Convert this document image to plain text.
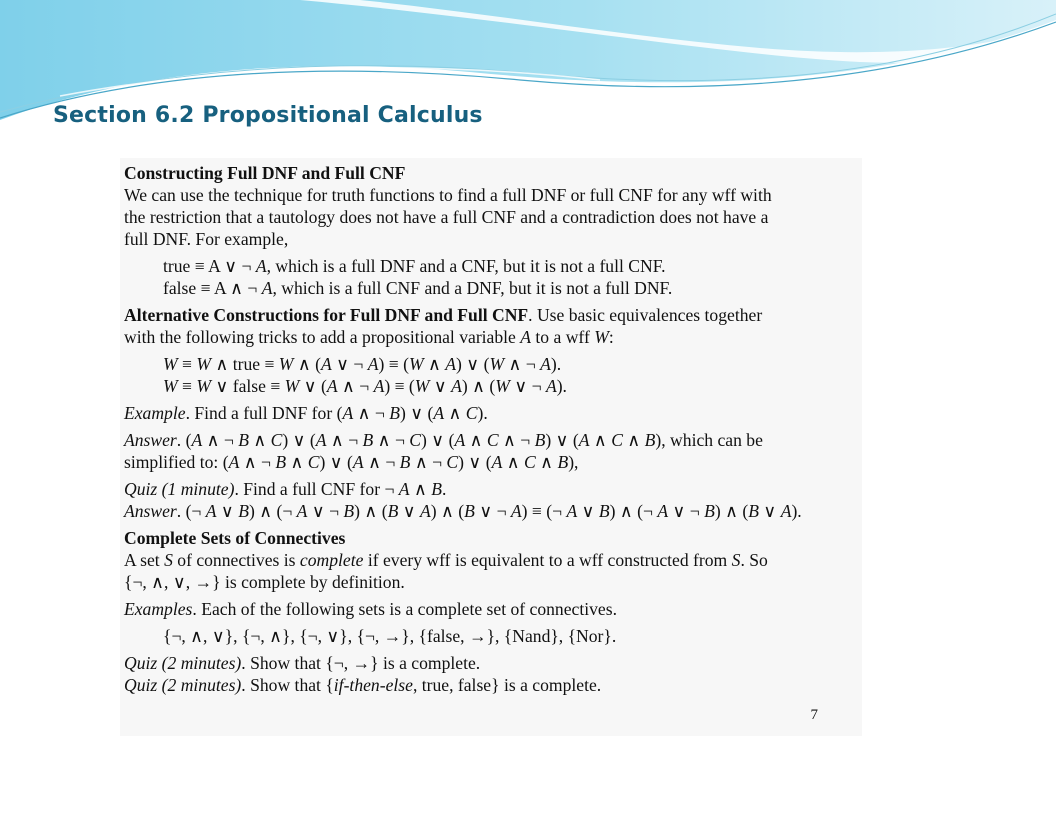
Section 6.2 Propositional Calculus

Constructing Full DNF and Full CNF

We can use the technique for truth functions to find a full DNF or full CNF for any wff with

the restriction that a tautology does not have a full CNF and a contradiction does not have a

full DNF. For example,

true ≡ A ∨ ¬ A, which is a full DNF and a CNF, but it is not a full CNF.

false ≡ A ∧ ¬ A, which is a full CNF and a DNF, but it is not a full DNF.

Alternative Constructions for Full DNF and Full CNF. Use basic equivalences together

with the following tricks to add a propositional variable A to a wff W:

W ≡ W ∧ true ≡ W ∧ (A ∨ ¬ A) ≡ (W ∧ A) ∨ (W ∧ ¬ A).

W ≡ W ∨ false ≡ W ∨ (A ∧ ¬ A) ≡ (W ∨ A) ∧ (W ∨ ¬ A).

Example. Find a full DNF for (A ∧ ¬ B) ∨ (A ∧ C).

Answer. (A ∧ ¬ B ∧ C) ∨ (A ∧ ¬ B ∧ ¬ C) ∨ (A ∧ C ∧ ¬ B) ∨ (A ∧ C ∧ B), which can be

simplified to: (A ∧ ¬ B ∧ C) ∨ (A ∧ ¬ B ∧ ¬ C) ∨ (A ∧ C ∧ B),

Quiz (1 minute). Find a full CNF for ¬ A ∧ B.

Answer. (¬ A ∨ B) ∧ (¬ A ∨ ¬ B) ∧ (B ∨ A) ∧ (B ∨ ¬ A) ≡ (¬ A ∨ B) ∧ (¬ A ∨ ¬ B) ∧ (B ∨ A).

Complete Sets of Connectives

A set S of connectives is complete if every wff is equivalent to a wff constructed from S. So

{¬, ∧, ∨, →} is complete by definition.

Examples. Each of the following sets is a complete set of connectives.

{¬, ∧, ∨}, {¬, ∧}, {¬, ∨}, {¬, →}, {false, →}, {Nand}, {Nor}.

Quiz (2 minutes). Show that {¬, →} is a complete.

Quiz (2 minutes). Show that {if-then-else, true, false} is a complete.

7
